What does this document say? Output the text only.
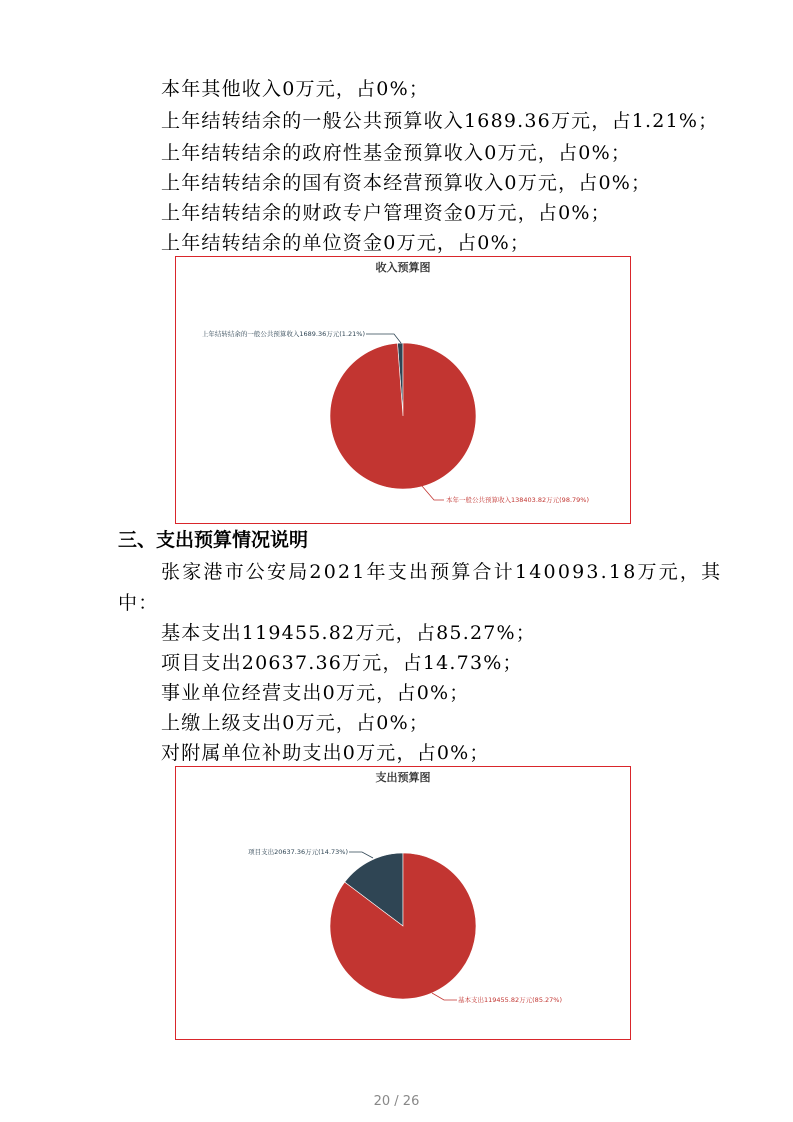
本年其他收入0万元，占0%；
上年结转结余的一般公共预算收入1689.36万元，占1.21%；
上年结转结余的政府性基金预算收入0万元，占0%；
上年结转结余的国有资本经营预算收入0万元，占0%；
上年结转结余的财政专户管理资金0万元，占0%；
上年结转结余的单位资金0万元，占0%；
收入预算图
上年结转结余的一般公共预算收入1689.36万元(1.21%)
本年一般公共预算收入138403.82万元(98.79%)
三、支出预算情况说明
张家港市公安局2021年支出预算合计140093.18万元，其
中：
基本支出119455.82万元，占85.27%；
项目支出20637.36万元，占14.73%；
事业单位经营支出0万元，占0%；
上缴上级支出0万元，占0%；
对附属单位补助支出0万元，占0%；
支出预算图
项目支出20637.36万元(14.73%)
基本支出119455.82万元(85.27%)
20 / 26
